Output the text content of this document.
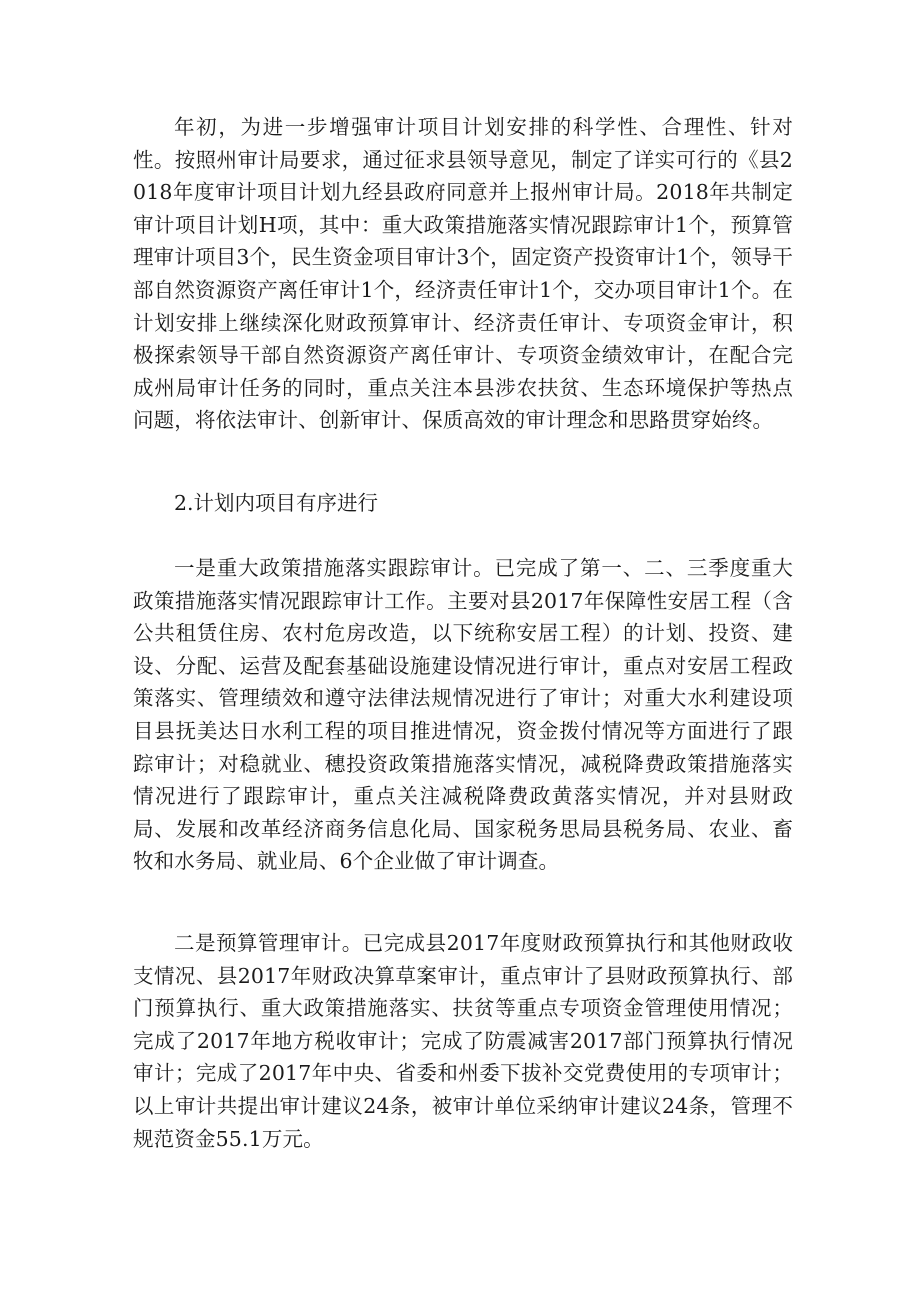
年初，为进一步增强审计项目计划安排的科学性、合理性、针对性。按照州审计局要求，通过征求县领导意见，制定了详实可行的《县2018年度审计项目计划九经县政府同意并上报州审计局。2018年共制定审计项目计划H项，其中：重大政策措施落实情况跟踪审计1个，预算管理审计项目3个，民生资金项目审计3个，固定资产投资审计1个，领导干部自然资源资产离任审计1个，经济责任审计1个，交办项目审计1个。在计划安排上继续深化财政预算审计、经济责任审计、专项资金审计，积极探索领导干部自然资源资产离任审计、专项资金绩效审计，在配合完成州局审计任务的同时，重点关注本县涉农扶贫、生态环境保护等热点问题，将依法审计、创新审计、保质高效的审计理念和思路贯穿始终。

2.计划内项目有序进行

一是重大政策措施落实跟踪审计。已完成了第一、二、三季度重大政策措施落实情况跟踪审计工作。主要对县2017年保障性安居工程（含公共租赁住房、农村危房改造，以下统称安居工程）的计划、投资、建设、分配、运营及配套基础设施建设情况进行审计，重点对安居工程政策落实、管理绩效和遵守法律法规情况进行了审计；对重大水利建设项目县抚美达日水利工程的项目推进情况，资金拨付情况等方面进行了跟踪审计；对稳就业、穗投资政策措施落实情况，减税降费政策措施落实情况进行了跟踪审计，重点关注减税降费政黄落实情况，并对县财政局、发展和改革经济商务信息化局、国家税务思局县税务局、农业、畜牧和水务局、就业局、6个企业做了审计调查。

二是预算管理审计。已完成县2017年度财政预算执行和其他财政收支情况、县2017年财政决算草案审计，重点审计了县财政预算执行、部门预算执行、重大政策措施落实、扶贫等重点专项资金管理使用情况；完成了2017年地方税收审计；完成了防震减害2017部门预算执行情况审计；完成了2017年中央、省委和州委下拔补交党费使用的专项审计；以上审计共提出审计建议24条，被审计单位采纳审计建议24条，管理不规范资金55.1万元。
